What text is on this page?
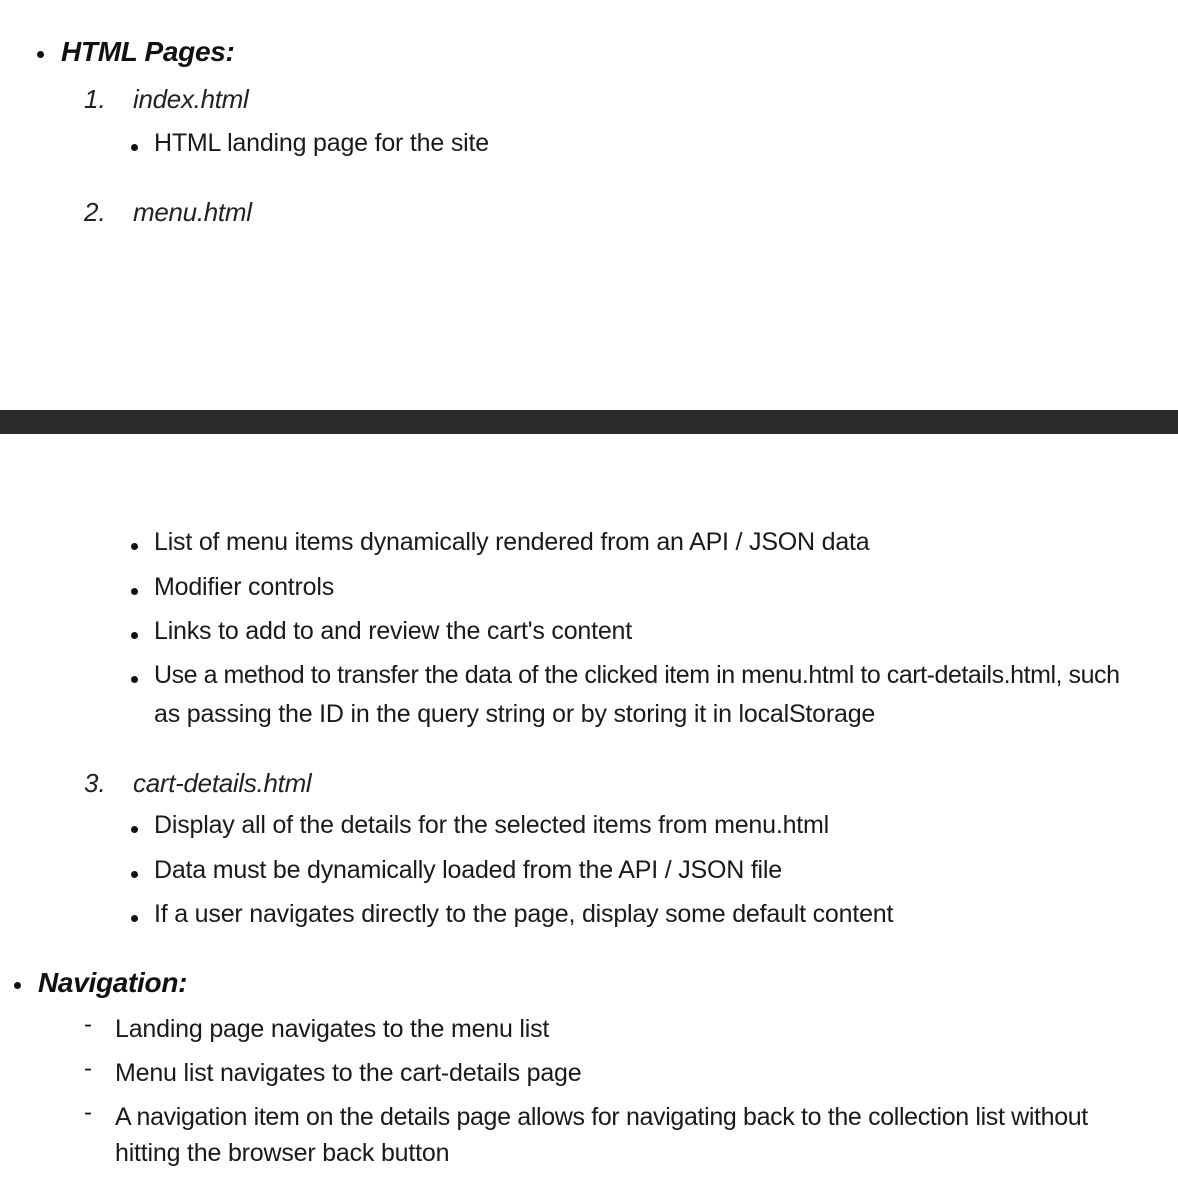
HTML Pages:
1. index.html
HTML landing page for the site
2. menu.html
List of menu items dynamically rendered from an API / JSON data
Modifier controls
Links to add to and review the cart's content
Use a method to transfer the data of the clicked item in menu.html to cart-details.html, such
as passing the ID in the query string or by storing it in localStorage
3. cart-details.html
Display all of the details for the selected items from menu.html
Data must be dynamically loaded from the API / JSON file
If a user navigates directly to the page, display some default content
Navigation:
- Landing page navigates to the menu list
- Menu list navigates to the cart-details page
- A navigation item on the details page allows for navigating back to the collection list without
hitting the browser back button
